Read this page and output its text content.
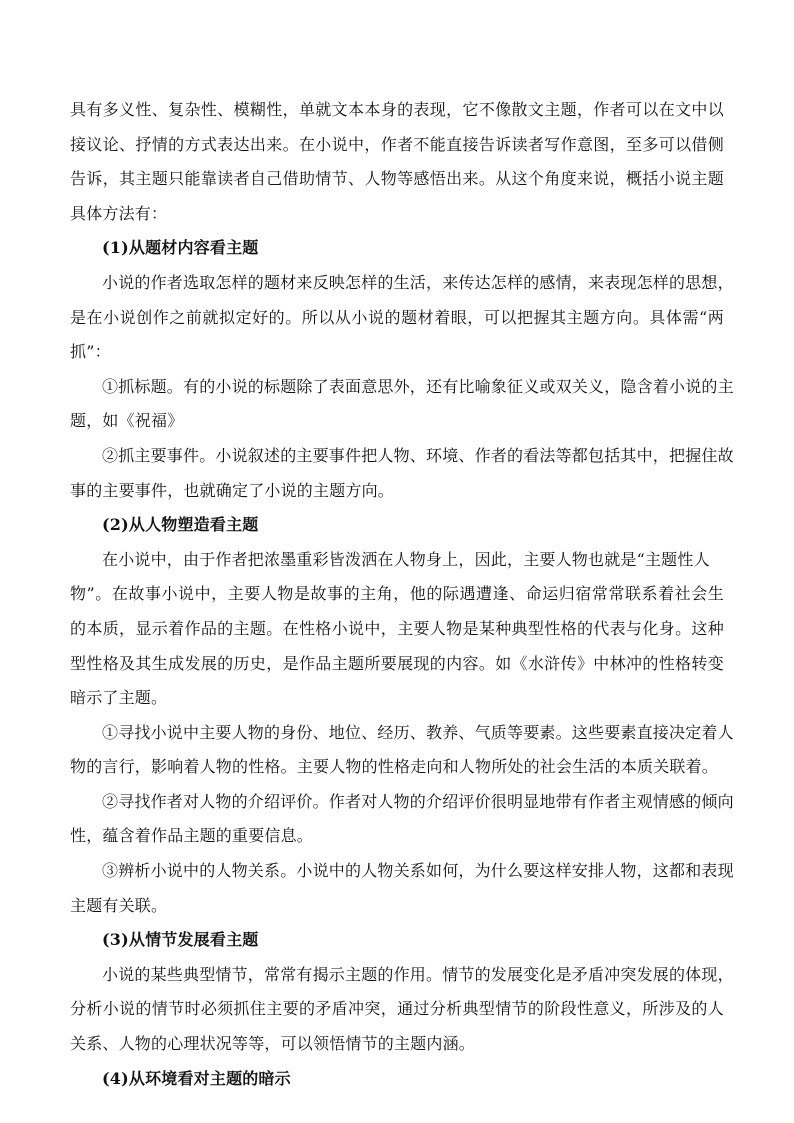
具有多义性、复杂性、模糊性，单就文本本身的表现，它不像散文主题，作者可以在文中以
接议论、抒情的方式表达出来。在小说中，作者不能直接告诉读者写作意图，至多可以借侧
告诉，其主题只能靠读者自己借助情节、人物等感悟出来。从这个角度来说，概括小说主题
具体方法有：
(1)从题材内容看主题
小说的作者选取怎样的题材来反映怎样的生活，来传达怎样的感情，来表现怎样的思想，
是在小说创作之前就拟定好的。所以从小说的题材着眼，可以把握其主题方向。具体需“两
抓”：
①抓标题。有的小说的标题除了表面意思外，还有比喻象征义或双关义，隐含着小说的主
题，如《祝福》
②抓主要事件。小说叙述的主要事件把人物、环境、作者的看法等都包括其中，把握住故
事的主要事件，也就确定了小说的主题方向。
(2)从人物塑造看主题
在小说中，由于作者把浓墨重彩皆泼洒在人物身上，因此，主要人物也就是“主题性人
物”。在故事小说中，主要人物是故事的主角，他的际遇遭逢、命运归宿常常联系着社会生
的本质，显示着作品的主题。在性格小说中，主要人物是某种典型性格的代表与化身。这种
型性格及其生成发展的历史，是作品主题所要展现的内容。如《水浒传》中林冲的性格转变
暗示了主题。
①寻找小说中主要人物的身份、地位、经历、教养、气质等要素。这些要素直接决定着人
物的言行，影响着人物的性格。主要人物的性格走向和人物所处的社会生活的本质关联着。
②寻找作者对人物的介绍评价。作者对人物的介绍评价很明显地带有作者主观情感的倾向
性，蕴含着作品主题的重要信息。
③辨析小说中的人物关系。小说中的人物关系如何，为什么要这样安排人物，这都和表现
主题有关联。
(3)从情节发展看主题
小说的某些典型情节，常常有揭示主题的作用。情节的发展变化是矛盾冲突发展的体现，
分析小说的情节时必须抓住主要的矛盾冲突，通过分析典型情节的阶段性意义，所涉及的人
关系、人物的心理状况等等，可以领悟情节的主题内涵。
(4)从环境看对主题的暗示
